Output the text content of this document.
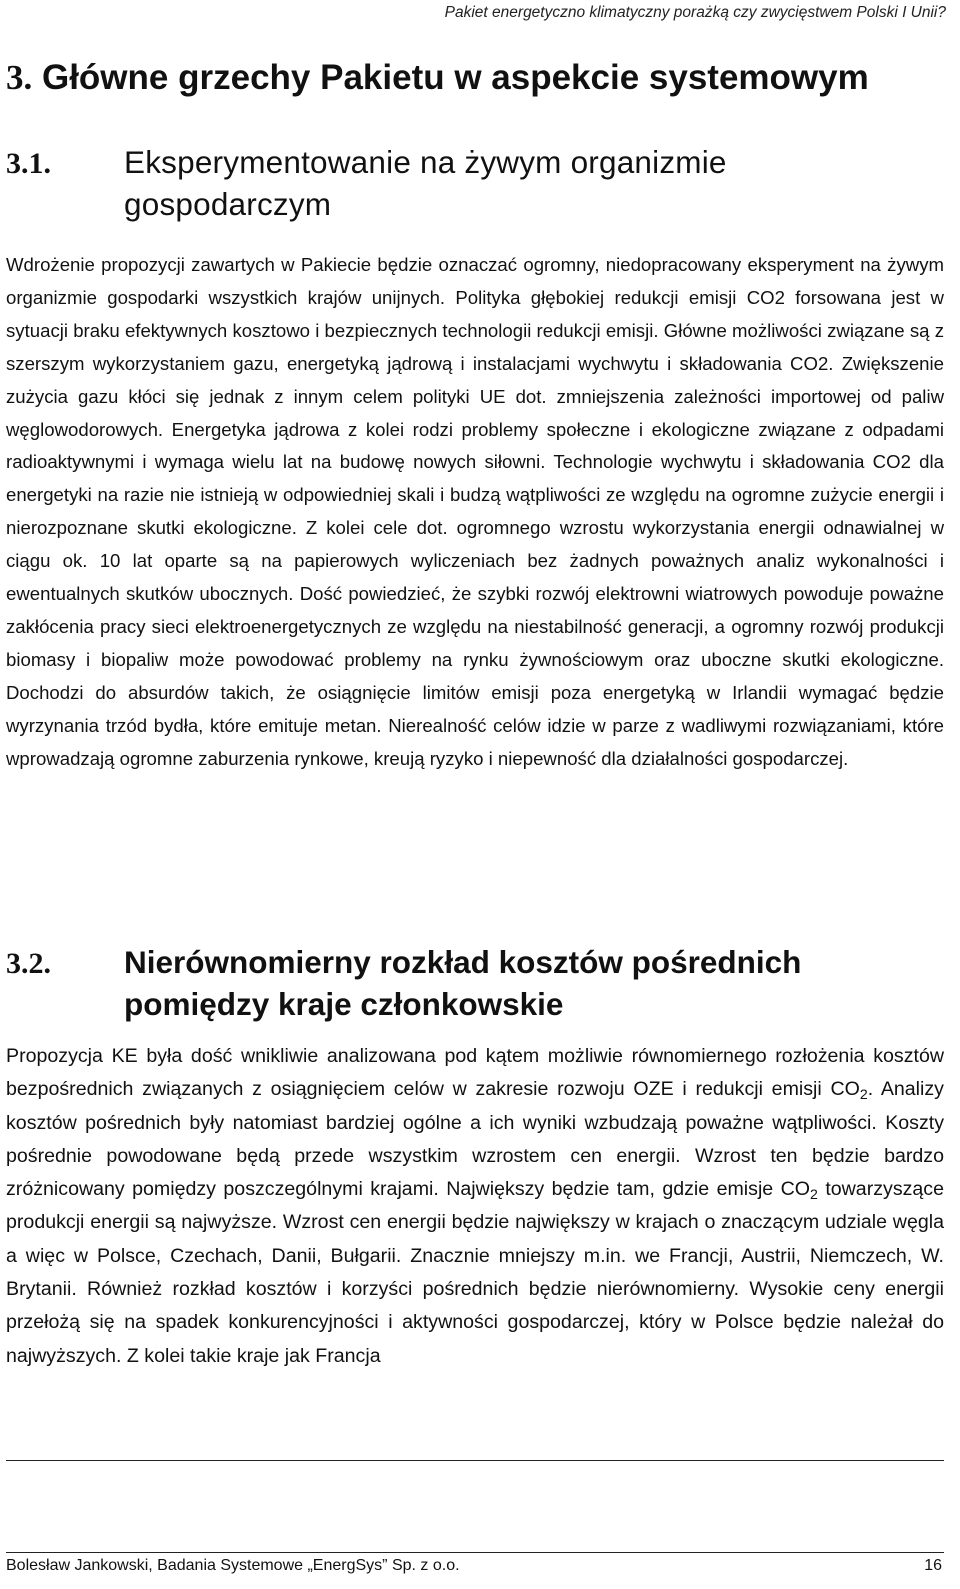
Pakiet energetyczno klimatyczny porażką czy zwycięstwem Polski I Unii?
3. Główne grzechy Pakietu w aspekcie systemowym
3.1. Eksperymentowanie na żywym organizmie
gospodarczym

Wdrożenie propozycji zawartych w Pakiecie będzie oznaczać ogromny, niedopracowany eksperyment na żywym organizmie gospodarki wszystkich krajów unijnych. Polityka głębokiej redukcji emisji CO2 forsowana jest w sytuacji braku efektywnych kosztowo i bezpiecznych technologii redukcji emisji. Główne możliwości związane są z szerszym wykorzystaniem gazu, energetyką jądrową i instalacjami wychwytu i składowania CO2. Zwiększenie zużycia gazu kłóci się jednak z innym celem polityki UE dot. zmniejszenia zależności importowej od paliw węglowodorowych. Energetyka jądrowa z kolei rodzi problemy społeczne i ekologiczne związane z odpadami radioaktywnymi i wymaga wielu lat na budowę nowych siłowni. Technologie wychwytu i składowania CO2 dla energetyki na razie nie istnieją w odpowiedniej skali i budzą wątpliwości ze względu na ogromne zużycie energii i nierozpoznane skutki ekologiczne. Z kolei cele dot. ogromnego wzrostu wykorzystania energii odnawialnej w ciągu ok. 10 lat oparte są na papierowych wyliczeniach bez żadnych poważnych analiz wykonalności i ewentualnych skutków ubocznych. Dość powiedzieć, że szybki rozwój elektrowni wiatrowych powoduje poważne zakłócenia pracy sieci elektroenergetycznych ze względu na niestabilność generacji, a ogromny rozwój produkcji biomasy i biopaliw może powodować problemy na rynku żywnościowym oraz uboczne skutki ekologiczne. Dochodzi do absurdów takich, że osiągnięcie limitów emisji poza energetyką w Irlandii wymagać będzie wyrzynania trzód bydła, które emituje metan. Nierealność celów idzie w parze z wadliwymi rozwiązaniami, które wprowadzają ogromne zaburzenia rynkowe, kreują ryzyko i niepewność dla działalności gospodarczej.

3.2. Nierównomierny rozkład kosztów pośrednich
pomiędzy kraje członkowskie

Propozycja KE była dość wnikliwie analizowana pod kątem możliwie równomiernego rozłożenia kosztów bezpośrednich związanych z osiągnięciem celów w zakresie rozwoju OZE i redukcji emisji $CO_2$. Analizy kosztów pośrednich były natomiast bardziej ogólne a ich wyniki wzbudzają poważne wątpliwości. Koszty pośrednie powodowane będą przede wszystkim wzrostem cen energii. Wzrost ten będzie bardzo zróżnicowany pomiędzy poszczególnymi krajami. Największy będzie tam, gdzie emisje $CO_2$ towarzyszące produkcji energii są najwyższe. Wzrost cen energii będzie największy w krajach o znaczącym udziale węgla a więc w Polsce, Czechach, Danii, Bułgarii. Znacznie mniejszy m.in. we Francji, Austrii, Niemczech, W. Brytanii. Również rozkład kosztów i korzyści pośrednich będzie nierównomierny. Wysokie ceny energii przełożą się na spadek konkurencyjności i aktywności gospodarczej, który w Polsce będzie należał do najwyższych. Z kolei takie kraje jak Francja

Bolesław Jankowski, Badania Systemowe „EnergSys” Sp. z o.o.	16
